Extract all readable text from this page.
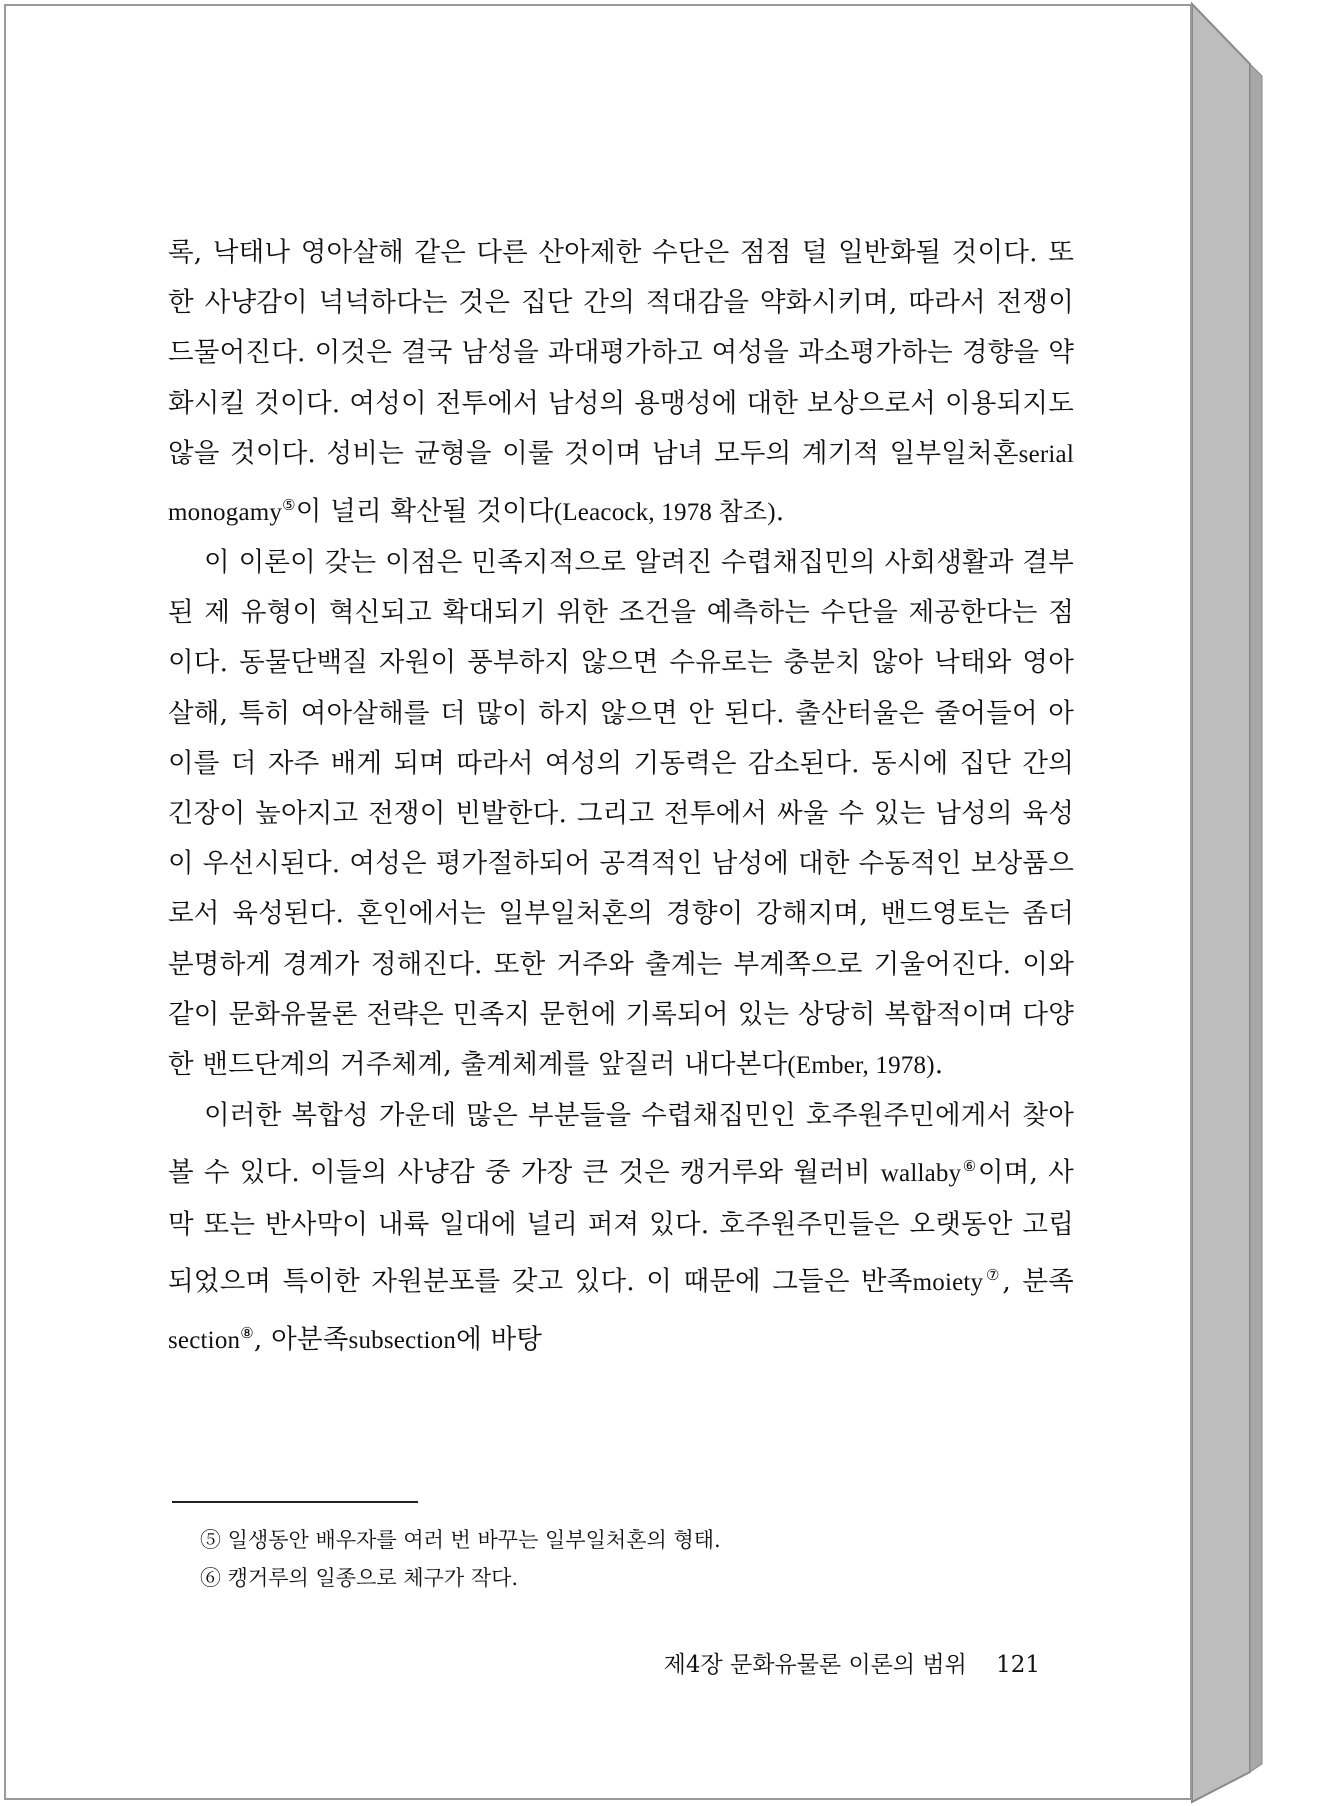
록, 낙태나 영아살해 같은 다른 산아제한 수단은 점점 덜 일반화될 것이다. 또한 사냥감이 넉넉하다는 것은 집단 간의 적대감을 약화시키며, 따라서 전쟁이 드물어진다. 이것은 결국 남성을 과대평가하고 여성을 과소평가하는 경향을 약화시킬 것이다. 여성이 전투에서 남성의 용맹성에 대한 보상으로서 이용되지도 않을 것이다. 성비는 균형을 이룰 것이며 남녀 모두의 계기적 일부일처혼serial monogamy⑤이 널리 확산될 것이다(Leacock, 1978 참조).

이 이론이 갖는 이점은 민족지적으로 알려진 수렵채집민의 사회생활과 결부된 제 유형이 혁신되고 확대되기 위한 조건을 예측하는 수단을 제공한다는 점이다. 동물단백질 자원이 풍부하지 않으면 수유로는 충분치 않아 낙태와 영아살해, 특히 여아살해를 더 많이 하지 않으면 안 된다. 출산터울은 줄어들어 아이를 더 자주 배게 되며 따라서 여성의 기동력은 감소된다. 동시에 집단 간의 긴장이 높아지고 전쟁이 빈발한다. 그리고 전투에서 싸울 수 있는 남성의 육성이 우선시된다. 여성은 평가절하되어 공격적인 남성에 대한 수동적인 보상품으로서 육성된다. 혼인에서는 일부일처혼의 경향이 강해지며, 밴드영토는 좀더 분명하게 경계가 정해진다. 또한 거주와 출계는 부계쪽으로 기울어진다. 이와 같이 문화유물론 전략은 민족지 문헌에 기록되어 있는 상당히 복합적이며 다양한 밴드단계의 거주체계, 출계체계를 앞질러 내다본다(Ember, 1978).

이러한 복합성 가운데 많은 부분들을 수렵채집민인 호주원주민에게서 찾아볼 수 있다. 이들의 사냥감 중 가장 큰 것은 캥거루와 월러비 wallaby⑥이며, 사막 또는 반사막이 내륙 일대에 널리 퍼져 있다. 호주원주민들은 오랫동안 고립되었으며 특이한 자원분포를 갖고 있다. 이 때문에 그들은 반족moiety⑦, 분족section⑧, 아분족subsection에 바탕

⑤ 일생동안 배우자를 여러 번 바꾸는 일부일처혼의 형태.

⑥ 캥거루의 일종으로 체구가 작다.

제4장 문화유물론 이론의 범위 121
